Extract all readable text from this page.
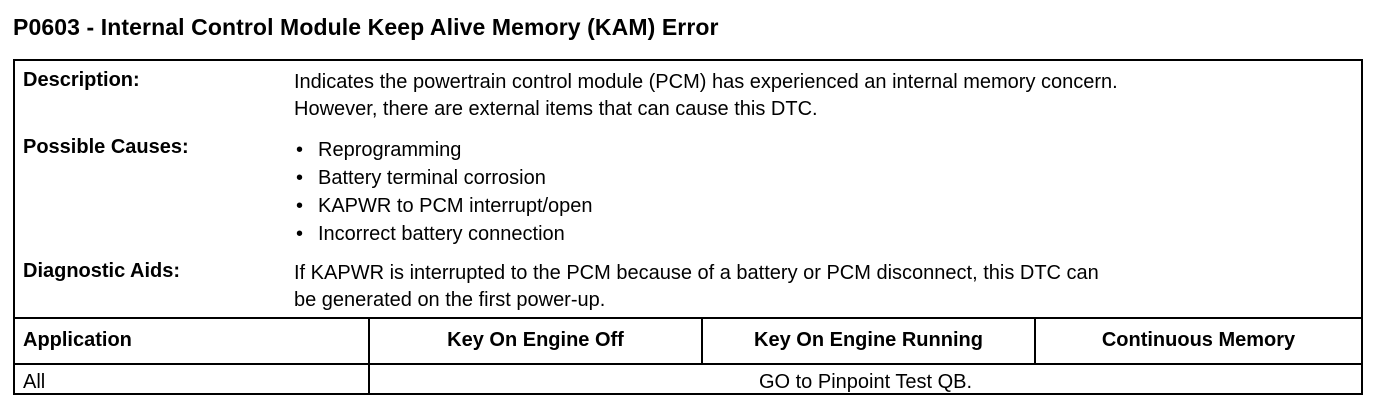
P0603 - Internal Control Module Keep Alive Memory (KAM) Error
Description:	Indicates the powertrain control module (PCM) has experienced an internal memory concern.
However, there are external items that can cause this DTC.
Possible Causes:
•	Reprogramming
• Battery terminal corrosion
• KAPWR to PCM interrupt/open
• Incorrect battery connection
Diagnostic Aids:	If KAPWR is interrupted to the PCM because of a battery or PCM disconnect, this DTC can
be generated on the first power-up.
Application	Key On Engine Off	Key On Engine Running	Continuous Memory
All	GO to Pinpoint Test QB.
